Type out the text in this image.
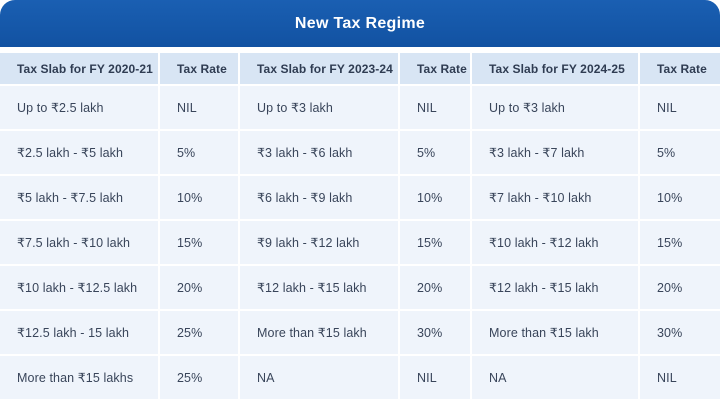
New Tax Regime
Tax Slab for FY 2020-21	Tax Rate	Tax Slab for FY 2023-24	Tax Rate	Tax Slab for FY 2024-25	Tax Rate
Up to ₹2.5 lakh	NIL	Up to ₹3 lakh	NIL	Up to ₹3 lakh	NIL
₹2.5 lakh - ₹5 lakh	5%	₹3 lakh - ₹6 lakh	5%	₹3 lakh - ₹7 lakh	5%
₹5 lakh - ₹7.5 lakh	10%	₹6 lakh - ₹9 lakh	10%	₹7 lakh - ₹10 lakh	10%
₹7.5 lakh - ₹10 lakh	15%	₹9 lakh - ₹12 lakh	15%	₹10 lakh - ₹12 lakh	15%
₹10 lakh - ₹12.5 lakh	20%	₹12 lakh - ₹15 lakh	20%	₹12 lakh - ₹15 lakh	20%
₹12.5 lakh - 15 lakh	25%	More than ₹15 lakh	30%	More than ₹15 lakh	30%
More than ₹15 lakhs	25%	NA	NIL	NA	NIL
